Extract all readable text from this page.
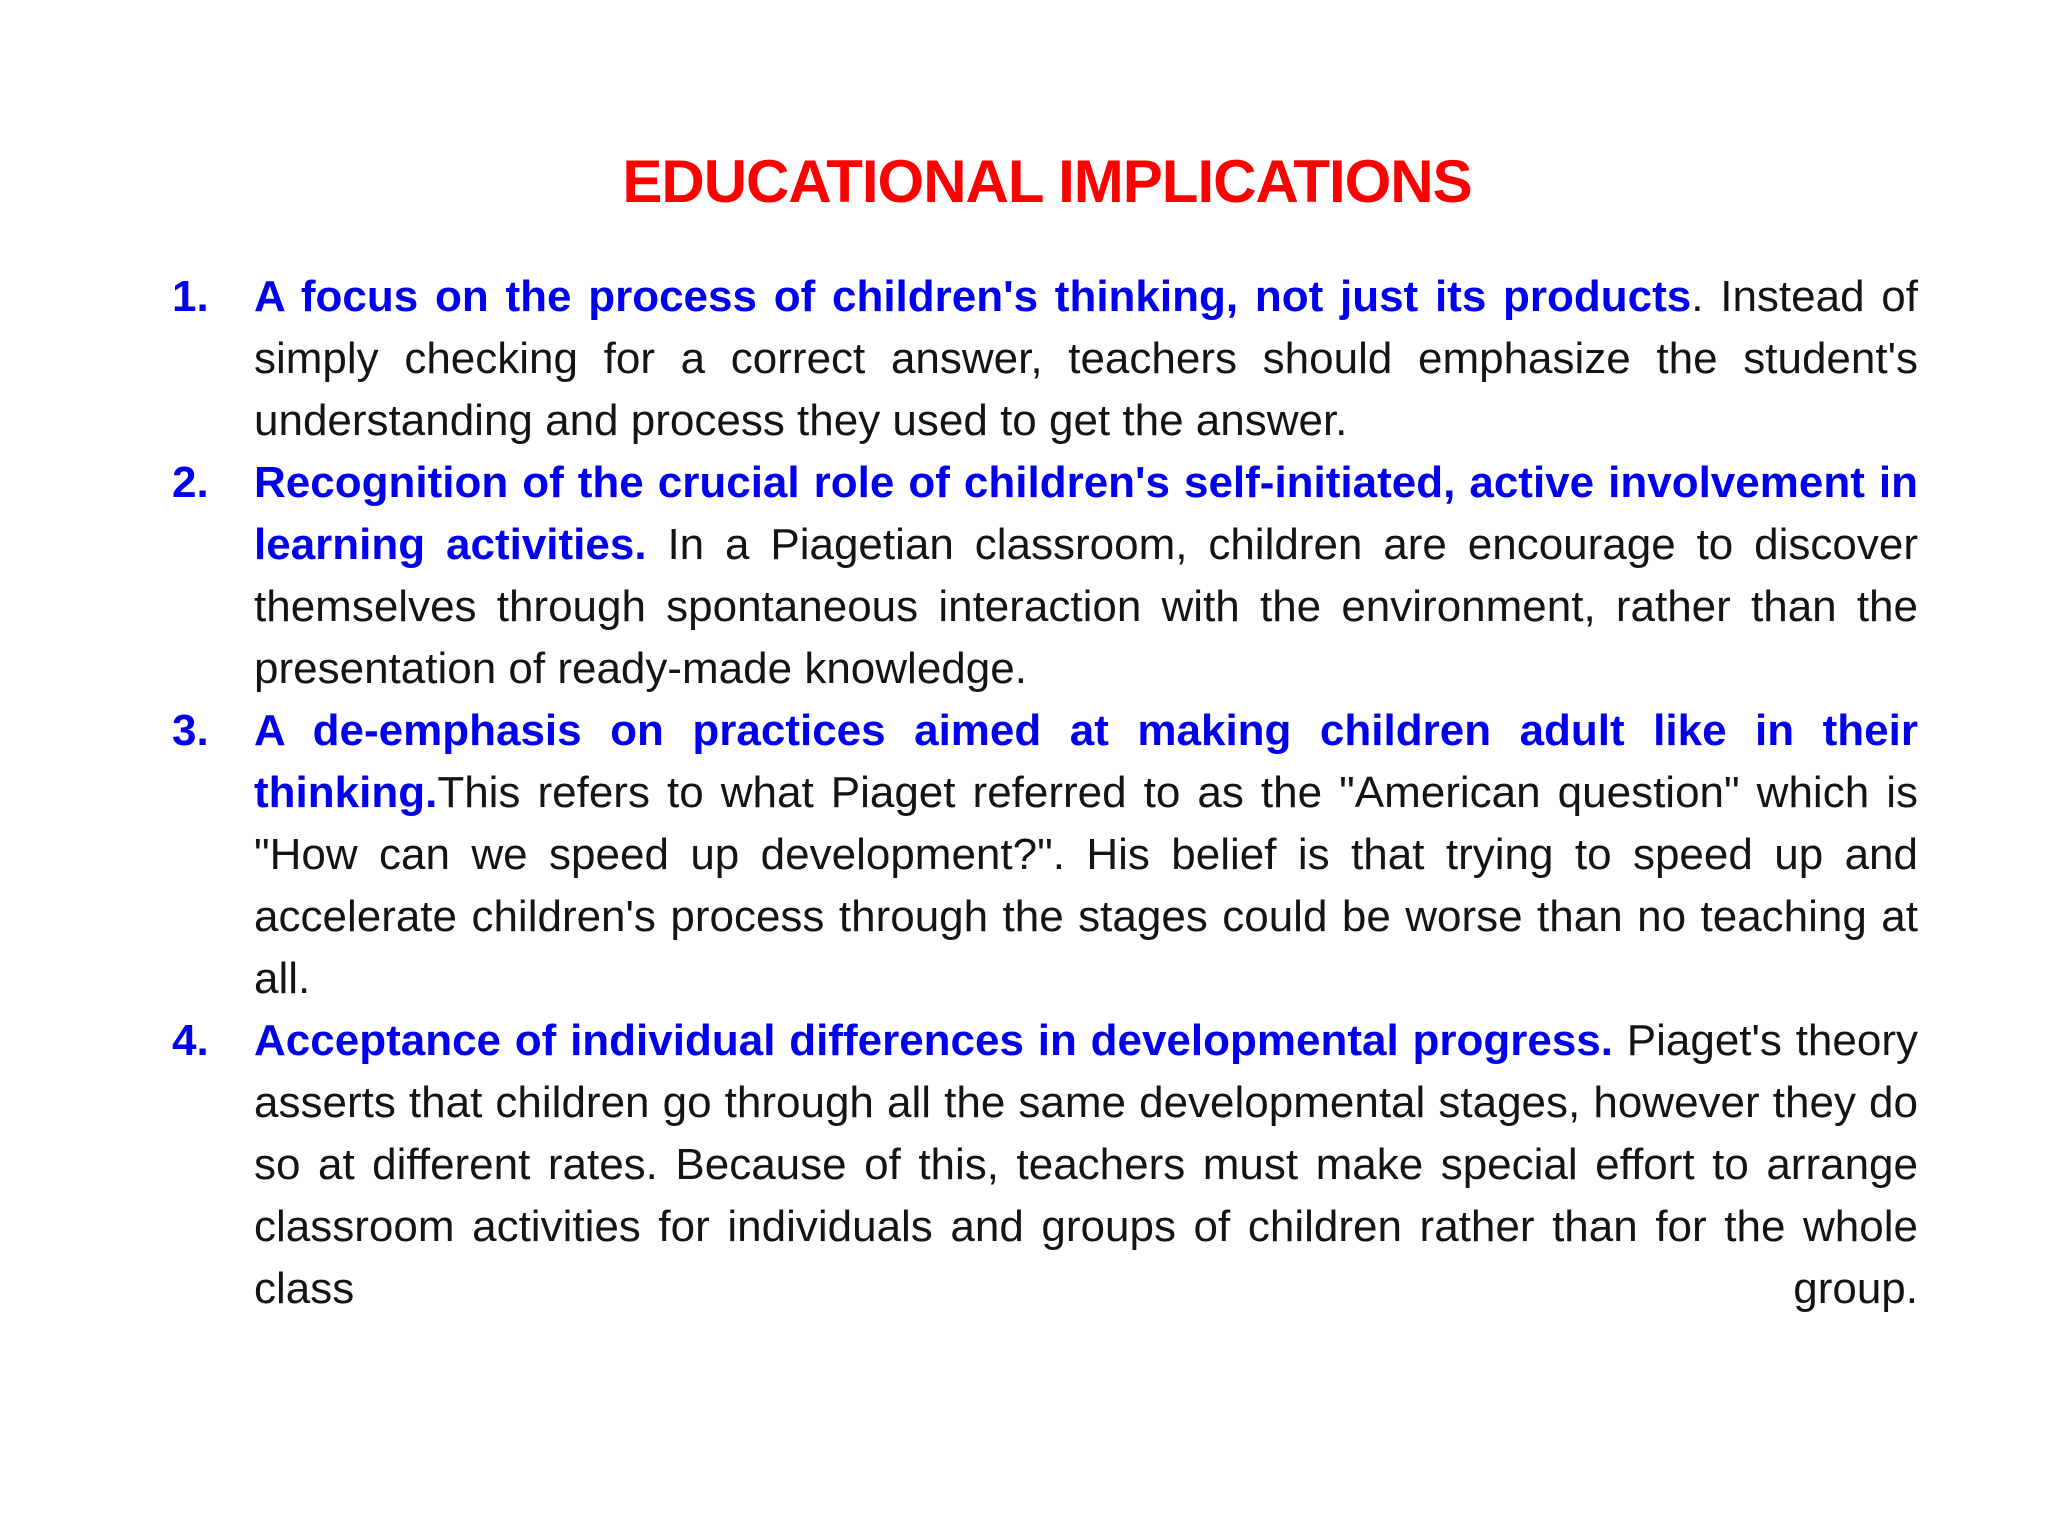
EDUCATIONAL IMPLICATIONS
1. A focus on the process of children's thinking, not just its products. Instead of simply checking for a correct answer, teachers should emphasize the student's understanding and process they used to get the answer.
2. Recognition of the crucial role of children's self-initiated, active involvement in learning activities. In a Piagetian classroom, children are encourage to discover themselves through spontaneous interaction with the environment, rather than the presentation of ready-made knowledge.
3. A de-emphasis on practices aimed at making children adult like in their thinking.This refers to what Piaget referred to as the "American question" which is "How can we speed up development?". His belief is that trying to speed up and accelerate children's process through the stages could be worse than no teaching at all.
4. Acceptance of individual differences in developmental progress. Piaget's theory asserts that children go through all the same developmental stages, however they do so at different rates. Because of this, teachers must make special effort to arrange classroom activities for individuals and groups of children rather than for the whole class group.
